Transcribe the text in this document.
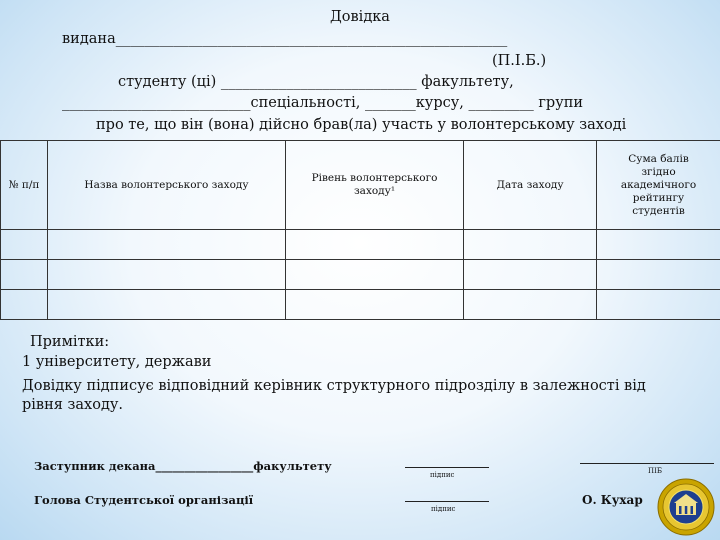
Довідка
видана______________________________________________________
(П.І.Б.)
студенту (ці) ___________________________ факультету,
__________________________спеціальності, _______курсу, _________ групи
про те, що він (вона) дійсно брав(ла) участь у волонтерському заході
№ п/п	Назва волонтерського заходу	Рівень волонтерського заходу¹	Дата заходу	Сума балів згідно академічного рейтингу студентів

Примітки:
1 університету, держави
Довідку підписує відповідний керівник структурного підрозділу в залежності від рівня заходу.
Заступник декана_________________факультету
підпис	ПІБ
Голова Студентської організації
підпис
О. Кухар
